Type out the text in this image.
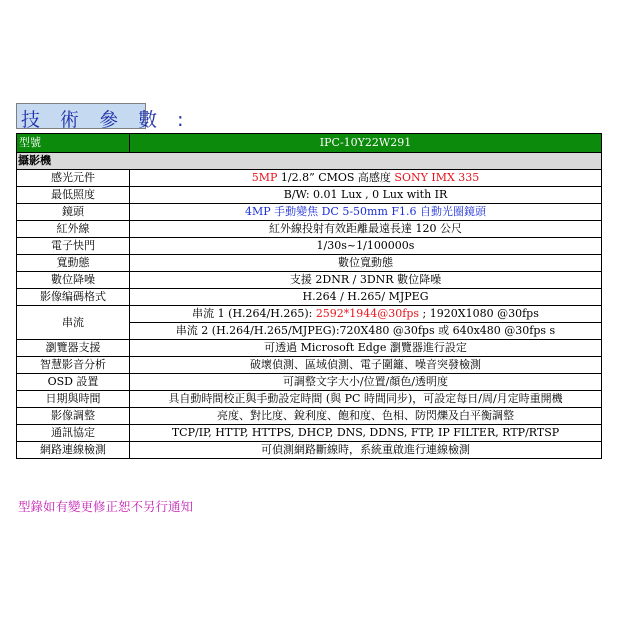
技 術 參 數 :
型號	IPC-10Y22W291
攝影機	
感光元件	5MP 1/2.8” CMOS 高感度 SONY IMX 335
最低照度	B/W: 0.01 Lux , 0 Lux with IR
鏡頭	4MP 手動變焦 DC 5-50mm F1.6 自動光圈鏡頭
紅外線	紅外線投射有效距離最遠長達 120 公尺
電子快門	1/30s~1/100000s
寬動態	數位寬動態
數位降噪	支援 2DNR / 3DNR 數位降噪
影像编碼格式	H.264 / H.265/ MJPEG
串流	串流 1 (H.264/H.265): 2592*1944@30fps ; 1920X1080 @30fps
	串流 2 (H.264/H.265/MJPEG):720X480 @30fps 或 640x480 @30fps s
瀏覽器支援	可透過 Microsoft Edge 瀏覽器進行設定
智慧影音分析	破壞偵測、區域偵測、電子圍籬、噪音突發檢測
OSD 設置	可調整文字大小/位置/顏色/透明度
日期與時間	具自動時間校正與手動設定時間 (與 PC 時間同步)，可設定每日/周/月定時重開機
影像調整	亮度、對比度、銳利度、飽和度、色相、防閃爍及白平衡調整
通訊協定	TCP/IP, HTTP, HTTPS, DHCP, DNS, DDNS, FTP, IP FILTER, RTP/RTSP
網路連線檢測	可偵測網路斷線時，系統重啟進行連線檢測
型錄如有變更修正恕不另行通知
